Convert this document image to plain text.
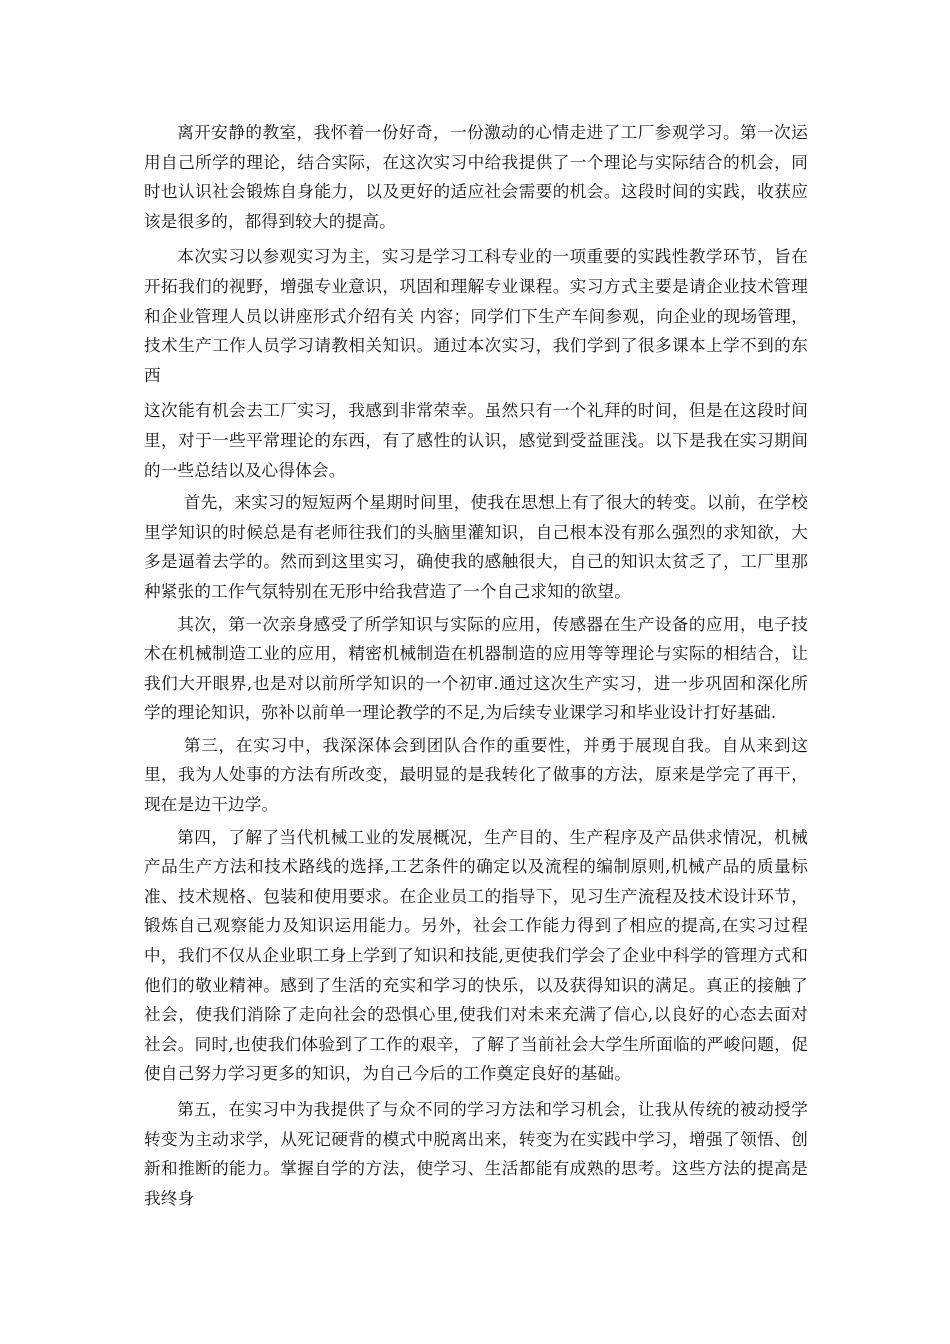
离开安静的教室，我怀着一份好奇，一份激动的心情走进了工厂参观学习。第一次运用自己所学的理论，结合实际，在这次实习中给我提供了一个理论与实际结合的机会，同时也认识社会锻炼自身能力，以及更好的适应社会需要的机会。这段时间的实践，收获应该是很多的，都得到较大的提高。

本次实习以参观实习为主，实习是学习工科专业的一项重要的实践性教学环节，旨在开拓我们的视野，增强专业意识，巩固和理解专业课程。实习方式主要是请企业技术管理和企业管理人员以讲座形式介绍有关 内容；同学们下生产车间参观，向企业的现场管理，技术生产工作人员学习请教相关知识。通过本次实习，我们学到了很多课本上学不到的东西

这次能有机会去工厂实习，我感到非常荣幸。虽然只有一个礼拜的时间，但是在这段时间里，对于一些平常理论的东西，有了感性的认识，感觉到受益匪浅。以下是我在实习期间的一些总结以及心得体会。

首先，来实习的短短两个星期时间里，使我在思想上有了很大的转变。以前，在学校里学知识的时候总是有老师往我们的头脑里灌知识，自己根本没有那么强烈的求知欲，大多是逼着去学的。然而到这里实习，确使我的感触很大，自己的知识太贫乏了，工厂里那种紧张的工作气氛特别在无形中给我营造了一个自己求知的欲望。

其次，第一次亲身感受了所学知识与实际的应用，传感器在生产设备的应用，电子技术在机械制造工业的应用，精密机械制造在机器制造的应用等等理论与实际的相结合，让我们大开眼界,也是对以前所学知识的一个初审.通过这次生产实习，进一步巩固和深化所学的理论知识，弥补以前单一理论教学的不足,为后续专业课学习和毕业设计打好基础.

第三，在实习中，我深深体会到团队合作的重要性，并勇于展现自我。自从来到这里，我为人处事的方法有所改变，最明显的是我转化了做事的方法，原来是学完了再干，现在是边干边学。

第四，了解了当代机械工业的发展概况，生产目的、生产程序及产品供求情况，机械产品生产方法和技术路线的选择,工艺条件的确定以及流程的编制原则,机械产品的质量标准、技术规格、包装和使用要求。在企业员工的指导下，见习生产流程及技术设计环节，锻炼自己观察能力及知识运用能力。另外，社会工作能力得到了相应的提高,在实习过程中，我们不仅从企业职工身上学到了知识和技能,更使我们学会了企业中科学的管理方式和他们的敬业精神。感到了生活的充实和学习的快乐，以及获得知识的满足。真正的接触了社会，使我们消除了走向社会的恐惧心里,使我们对未来充满了信心,以良好的心态去面对社会。同时,也使我们体验到了工作的艰辛，了解了当前社会大学生所面临的严峻问题，促使自己努力学习更多的知识，为自己今后的工作奠定良好的基础。

第五，在实习中为我提供了与众不同的学习方法和学习机会，让我从传统的被动授学转变为主动求学，从死记硬背的模式中脱离出来，转变为在实践中学习，增强了领悟、创新和推断的能力。掌握自学的方法，使学习、生活都能有成熟的思考。这些方法的提高是我终身
